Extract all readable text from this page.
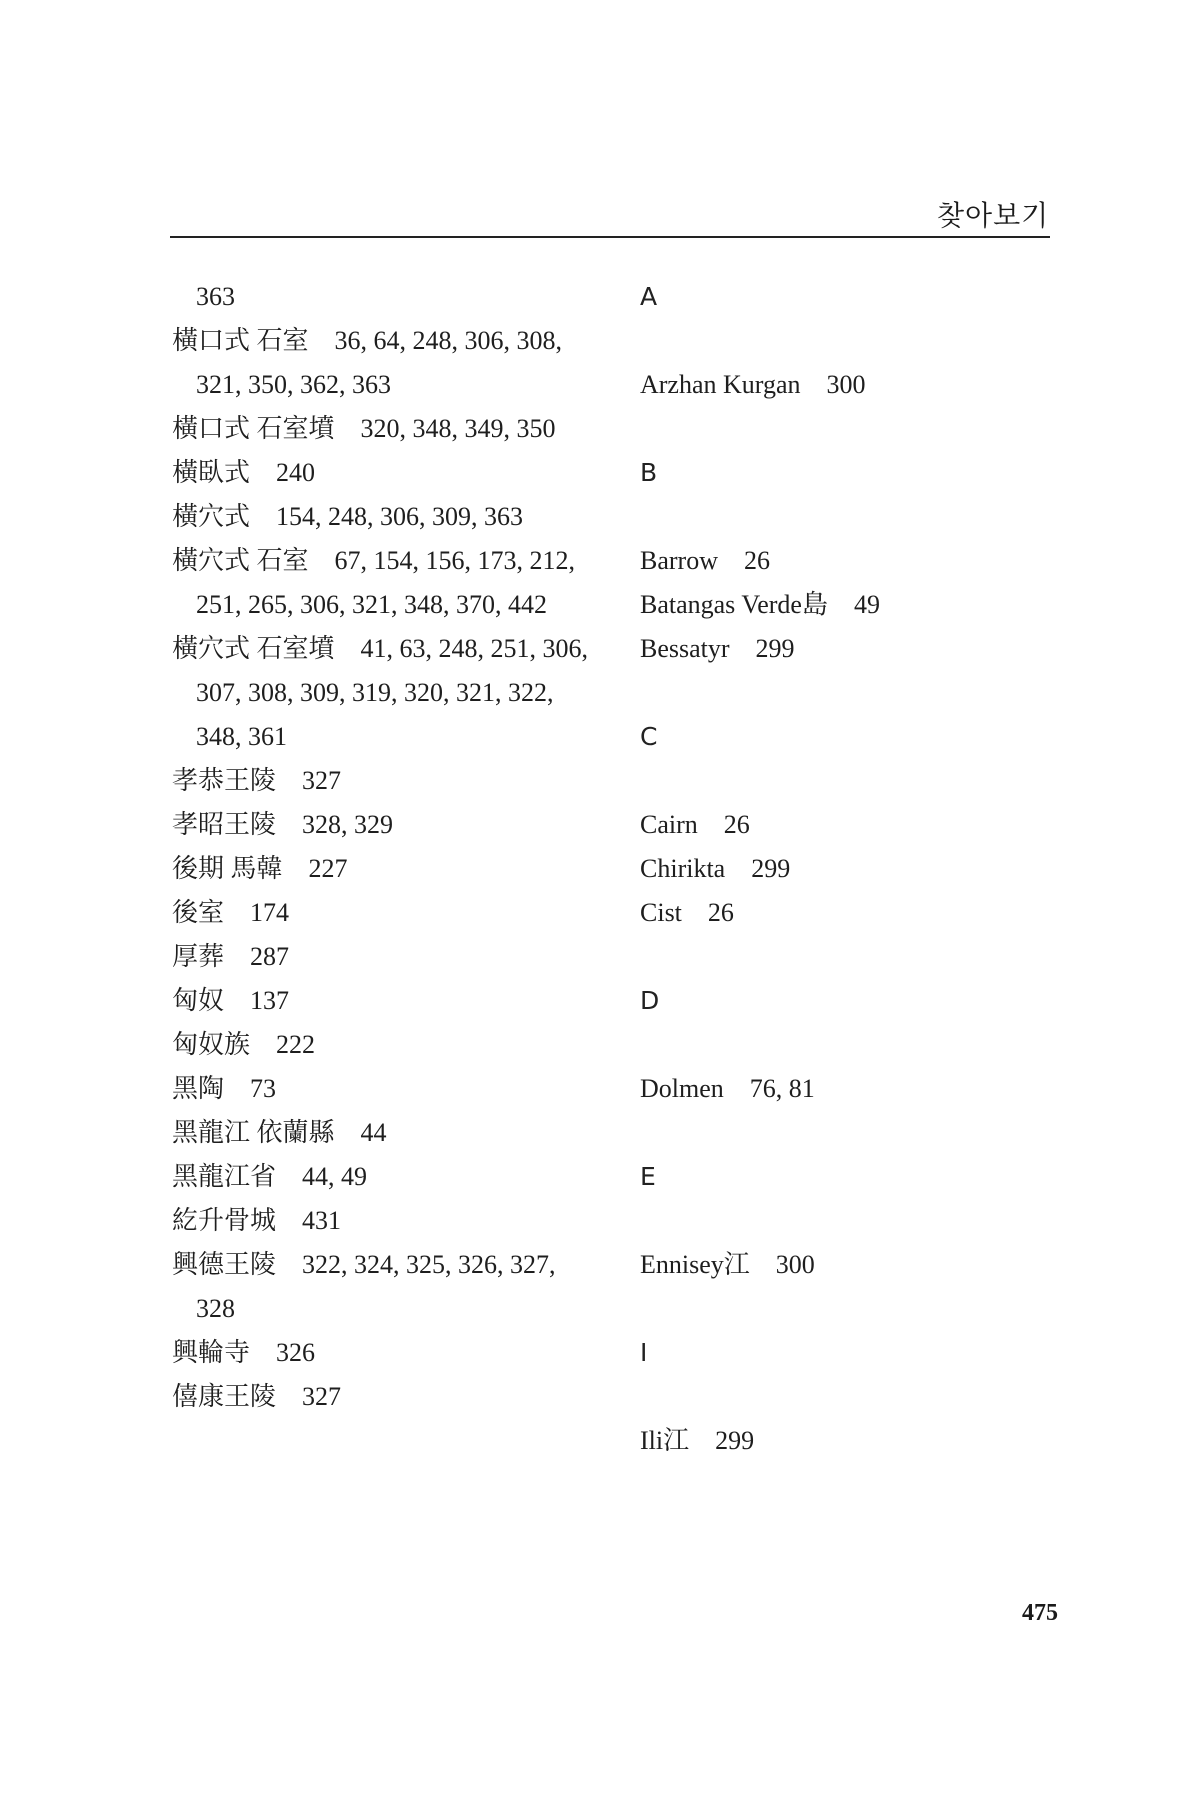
찾아보기
363
橫口式 石室　36, 64, 248, 306, 308,
321, 350, 362, 363
橫口式 石室墳　320, 348, 349, 350
橫臥式　240
橫穴式　154, 248, 306, 309, 363
橫穴式 石室　67, 154, 156, 173, 212,
251, 265, 306, 321, 348, 370, 442
橫穴式 石室墳　41, 63, 248, 251, 306,
307, 308, 309, 319, 320, 321, 322,
348, 361
孝恭王陵　327
孝昭王陵　328, 329
後期 馬韓　227
後室　174
厚葬　287
匈奴　137
匈奴族　222
黑陶　73
黑龍江 依蘭縣　44
黑龍江省　44, 49
紇升骨城　431
興德王陵　322, 324, 325, 326, 327,
328
興輪寺　326
僖康王陵　327
A
Arzhan Kurgan　300
B
Barrow　26
Batangas Verde島　49
Bessatyr　299
C
Cairn　26
Chirikta　299
Cist　26
D
Dolmen　76, 81
E
Ennisey江　300
I
Ili江　299
475
